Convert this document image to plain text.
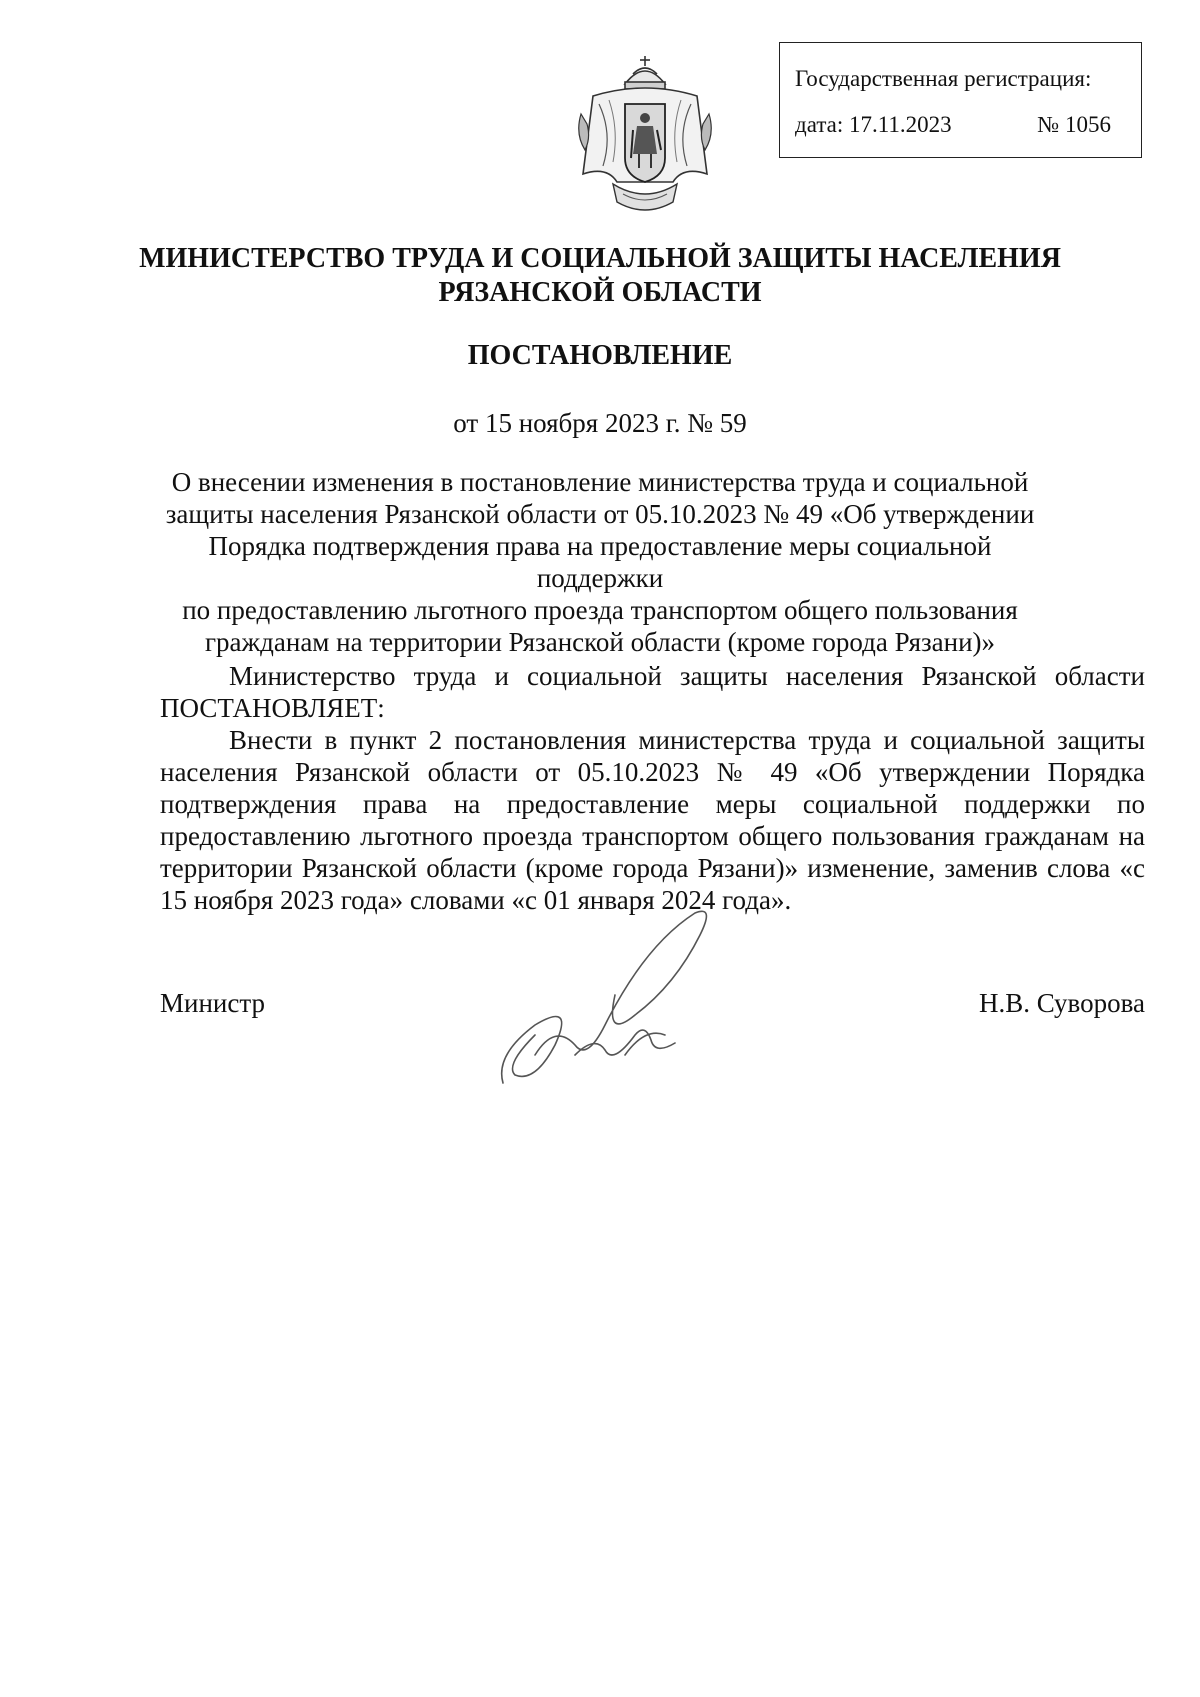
Государственная регистрация:
дата: 17.11.2023	№ 1056
МИНИСТЕРСТВО ТРУДА И СОЦИАЛЬНОЙ ЗАЩИТЫ НАСЕЛЕНИЯ
РЯЗАНСКОЙ ОБЛАСТИ
ПОСТАНОВЛЕНИЕ
от 15 ноября 2023 г. № 59
О внесении изменения в постановление министерства труда и социальной
защиты населения Рязанской области от 05.10.2023 № 49 «Об утверждении
Порядка подтверждения права на предоставление меры социальной поддержки
по предоставлению льготного проезда транспортом общего пользования
гражданам на территории Рязанской области (кроме города Рязани)»

Министерство труда и социальной защиты населения Рязанской области ПОСТАНОВЛЯЕТ:

Внести в пункт 2 постановления министерства труда и социальной защиты населения Рязанской области от 05.10.2023 № 49 «Об утверждении Порядка подтверждения права на предоставление меры социальной поддержки по предоставлению льготного проезда транспортом общего пользования гражданам на территории Рязанской области (кроме города Рязани)» изменение, заменив слова «с 15 ноября 2023 года» словами «с 01 января 2024 года».

Министр	Н.В. Суворова
